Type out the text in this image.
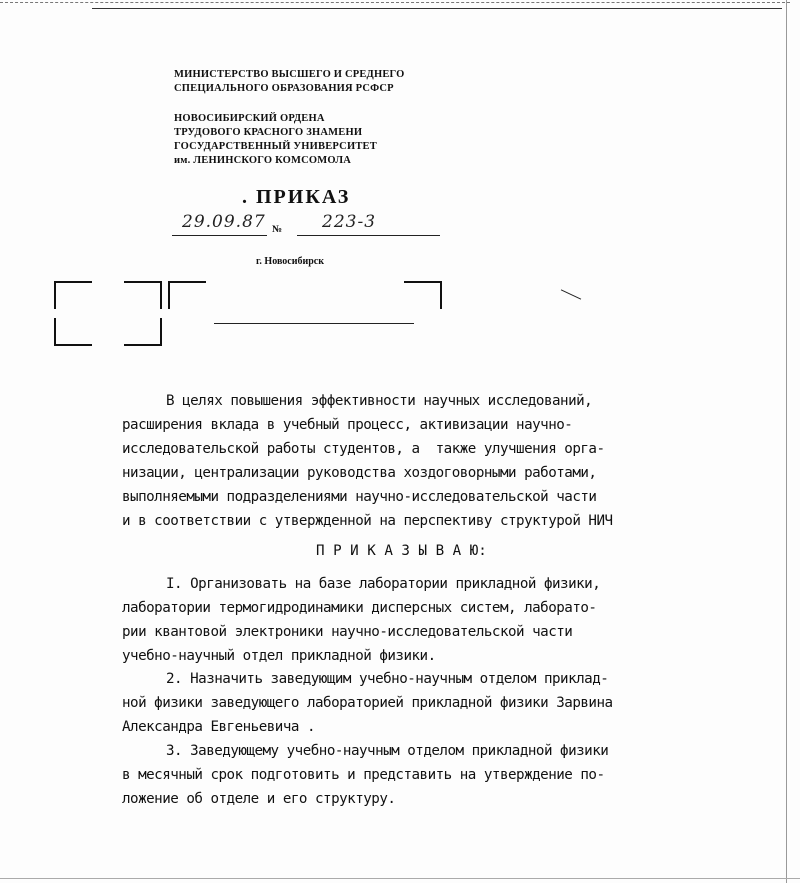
МИНИСТЕРСТВО ВЫСШЕГО И СРЕДНЕГО
СПЕЦИАЛЬНОГО ОБРАЗОВАНИЯ РСФСР
НОВОСИБИРСКИЙ ОРДЕНА
ТРУДОВОГО КРАСНОГО ЗНАМЕНИ
ГОСУДАРСТВЕННЫЙ УНИВЕРСИТЕТ
им. ЛЕНИНСКОГО КОМСОМОЛА
. ПРИКАЗ
29.09.87 № 223-3
г. Новосибирск
В целях повышения эффективности научных исследований,
расширения вклада в учебный процесс, активизации научно-
исследовательской работы студентов, а  также улучшения орга-
низации, централизации руководства хоздоговорными работами,
выполняемыми подразделениями научно-исследовательской части
и в соответствии с утвержденной на перспективу структурой НИЧ
П Р И К А З Ы В А Ю:
I. Организовать на базе лаборатории прикладной физики,
лаборатории термогидродинамики дисперсных систем, лаборато-
рии квантовой электроники научно-исследовательской части
учебно-научный отдел прикладной физики.
2. Назначить заведующим учебно-научным отделом приклад-
ной физики заведующего лабораторией прикладной физики Зарвина
Александра Евгеньевича .
3. Заведующему учебно-научным отделом прикладной физики
в месячный срок подготовить и представить на утверждение по-
ложение об отделе и его структуру.
